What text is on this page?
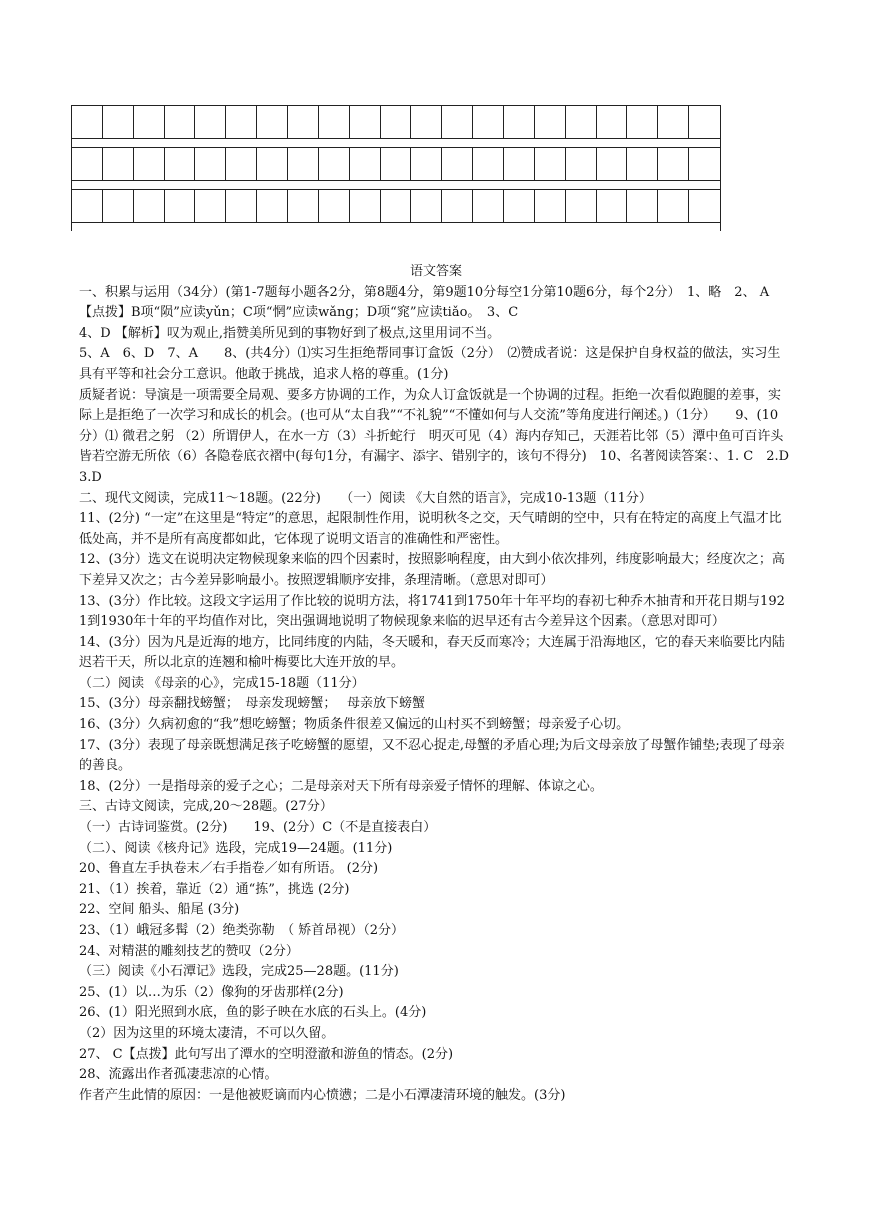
语文答案

一、积累与运用（34分）(第1-7题每小题各2分，第8题4分，第9题10分每空1分第10题6分，每个2分）　1、略　2、 A 【点拨】B项“陨”应读yǔn；C项“惘”应读wǎng；D项“窕”应读tiǎo。　3、C

4、D 【解析】叹为观止,指赞美所见到的事物好到了极点,这里用词不当。

5、A　6、D　7、A　　8、(共4分）⑴实习生拒绝帮同事订盒饭（2分）　⑵赞成者说：这是保护自身权益的做法，实习生具有平等和社会分工意识。他敢于挑战，追求人格的尊重。(1分)

质疑者说：导演是一项需要全局观、要多方协调的工作，为众人订盒饭就是一个协调的过程。拒绝一次看似跑腿的差事，实际上是拒绝了一次学习和成长的机会。(也可从“太自我”“不礼貌”“不懂如何与人交流”等角度进行阐述。)（1分）　　9、(10分）⑴ 微君之躬 （2）所谓伊人，在水一方（3）斗折蛇行　明灭可见（4）海内存知己，天涯若比邻（5）潭中鱼可百许头 皆若空游无所依（6）各隐卷底衣褶中(每句1分，有漏字、添字、错别字的，该句不得分)　10、名著阅读答案：、1. C　2.D　 3.D

二、现代文阅读，完成11～18题。(22分)　　（一）阅读 《大自然的语言》，完成10-13题（11分）

11、(2分) “一定”在这里是“特定”的意思，起限制性作用，说明秋冬之交，天气晴朗的空中，只有在特定的高度上气温才比低处高，并不是所有高度都如此，它体现了说明文语言的准确性和严密性。

12、(3分）选文在说明决定物候现象来临的四个因素时，按照影响程度，由大到小依次排列，纬度影响最大；经度次之；高下差异又次之；古今差异影响最小。按照逻辑顺序安排，条理清晰。（意思对即可）

13、(3分）作比较。这段文字运用了作比较的说明方法，将1741到1750年十年平均的春初七种乔木抽青和开花日期与1921到1930年十年的平均值作对比，突出强调地说明了物候现象来临的迟早还有古今差异这个因素。（意思对即可）

14、(3分）因为凡是近海的地方，比同纬度的内陆，冬天暖和，春天反而寒冷；大连属于沿海地区，它的春天来临要比内陆迟若干天，所以北京的连翘和榆叶梅要比大连开放的早。

（二）阅读 《母亲的心》，完成15-18题（11分）

15、(3分）母亲翻找螃蟹；　母亲发现螃蟹；　 母亲放下螃蟹

16、(3分）久病初愈的“我”想吃螃蟹；物质条件很差又偏远的山村买不到螃蟹；母亲爱子心切。

17、(3分）表现了母亲既想满足孩子吃螃蟹的愿望，又不忍心捉走,母蟹的矛盾心理;为后文母亲放了母蟹作铺垫;表现了母亲的善良。

18、(2分）一是指母亲的爱子之心；二是母亲对天下所有母亲爱子情怀的理解、体谅之心。

三、古诗文阅读，完成,20～28题。(27分）

（一）古诗词鉴赏。(2分)　　19、(2分）C（不是直接表白）

（二）、阅读《核舟记》选段，完成19—24题。(11分)

20、鲁直左手执卷末／右手指卷／如有所语。 (2分)

21、（1）挨着，靠近（2）通“拣”，挑选 (2分)

22、空间 船头、船尾 (3分)

23、（1）峨冠多髯（2）绝类弥勒　（ 矫首昂视）（2分）

24、对精湛的雕刻技艺的赞叹（2分）

（三）阅读《小石潭记》选段，完成25—28题。(11分)

25、(1）以…为乐（2）像狗的牙齿那样(2分)

26、(1）阳光照到水底，鱼的影子映在水底的石头上。(4分)

（2）因为这里的环境太凄清，不可以久留。

27、 C【点拨】此句写出了潭水的空明澄澈和游鱼的情态。(2分)

28、流露出作者孤凄悲凉的心情。

作者产生此情的原因：一是他被贬谪而内心愤懑；二是小石潭凄清环境的触发。(3分)
